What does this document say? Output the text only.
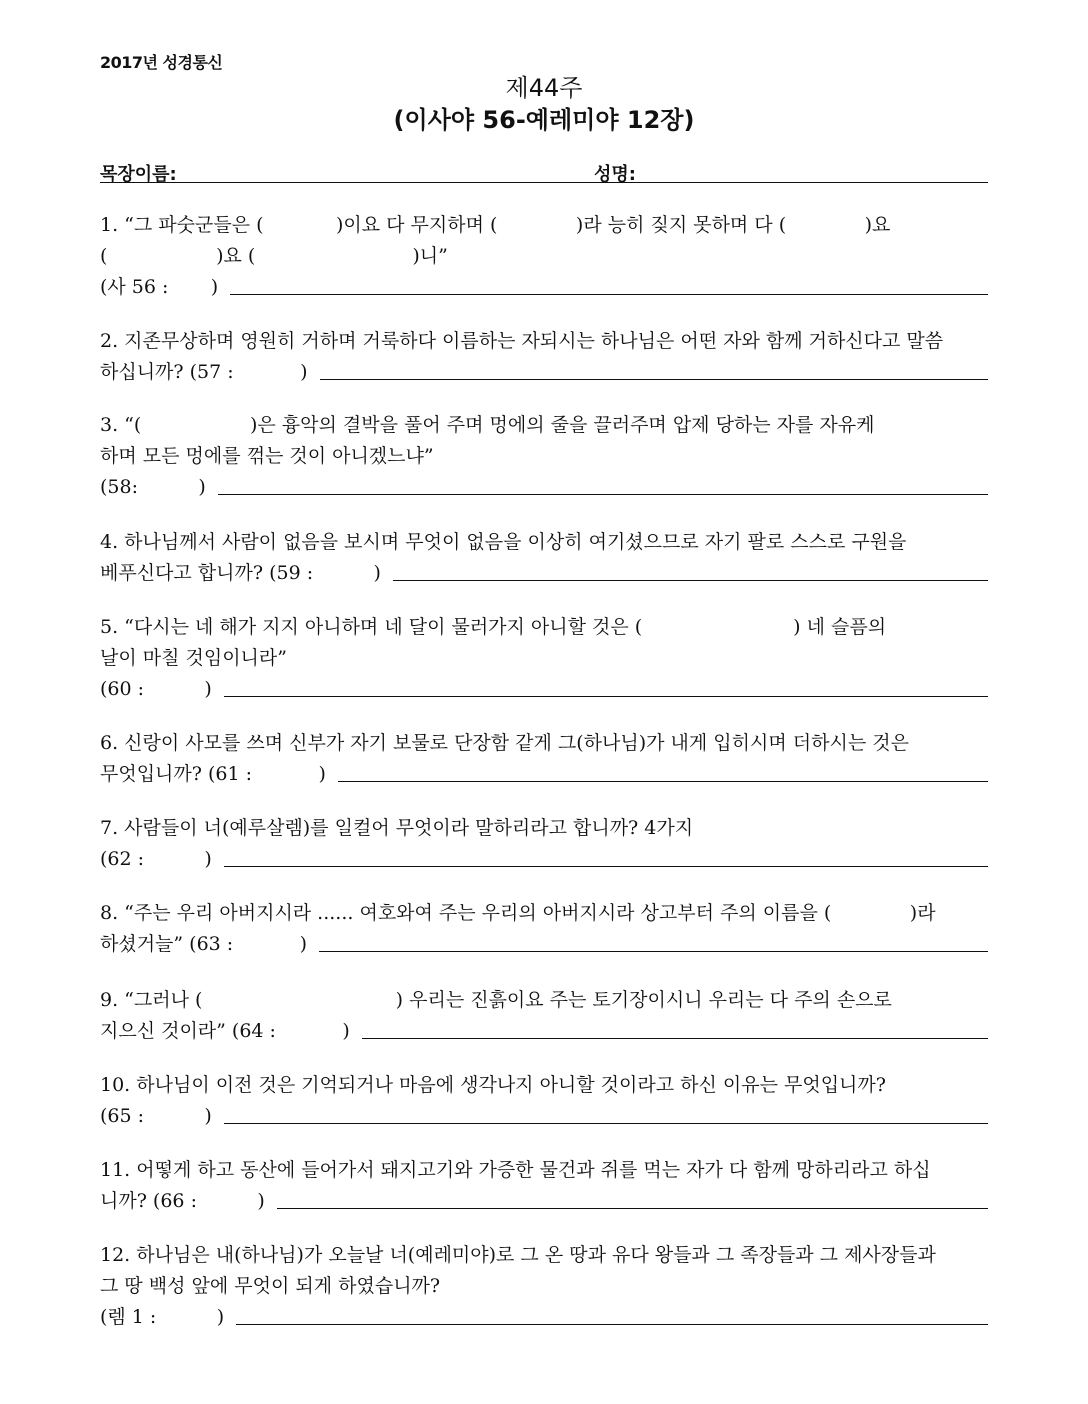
2017년 성경통신
제44주
(이사야 56-예레미야 12장)
목장이름:	성명:
1. “그 파숫군들은 (            )이요 다 무지하며 (             )라 능히 짖지 못하며 다 (             )요
(                  )요 (                          )니”
(사 56 :       )
2. 지존무상하며 영원히 거하며 거룩하다 이름하는 자되시는 하나님은 어떤 자와 함께 거하신다고 말씀
하십니까? (57 :           )
3. “(                  )은 흉악의 결박을 풀어 주며 멍에의 줄을 끌러주며 압제 당하는 자를 자유케
하며 모든 멍에를 꺾는 것이 아니겠느냐”
(58:          )
4. 하나님께서 사람이 없음을 보시며 무엇이 없음을 이상히 여기셨으므로 자기 팔로 스스로 구원을
베푸신다고 합니까? (59 :          )
5. “다시는 네 해가 지지 아니하며 네 달이 물러가지 아니할 것은 (                         ) 네 슬픔의
날이 마칠 것임이니라”
(60 :          )
6. 신랑이 사모를 쓰며 신부가 자기 보물로 단장함 같게 그(하나님)가 내게 입히시며 더하시는 것은
무엇입니까? (61 :           )
7. 사람들이 너(예루살렘)를 일컬어 무엇이라 말하리라고 합니까? 4가지
(62 :          )
8. “주는 우리 아버지시라 ...... 여호와여 주는 우리의 아버지시라 상고부터 주의 이름을 (             )라
하셨거늘” (63 :           )
9. “그러나 (                                ) 우리는 진흙이요 주는 토기장이시니 우리는 다 주의 손으로
지으신 것이라” (64 :           )
10. 하나님이 이전 것은 기억되거나 마음에 생각나지 아니할 것이라고 하신 이유는 무엇입니까?
(65 :          )
11. 어떻게 하고 동산에 들어가서 돼지고기와 가증한 물건과 쥐를 먹는 자가 다 함께 망하리라고 하십
니까? (66 :          )
12. 하나님은 내(하나님)가 오늘날 너(예레미야)로 그 온 땅과 유다 왕들과 그 족장들과 그 제사장들과
그 땅 백성 앞에 무엇이 되게 하였습니까?
(렘 1 :          )
